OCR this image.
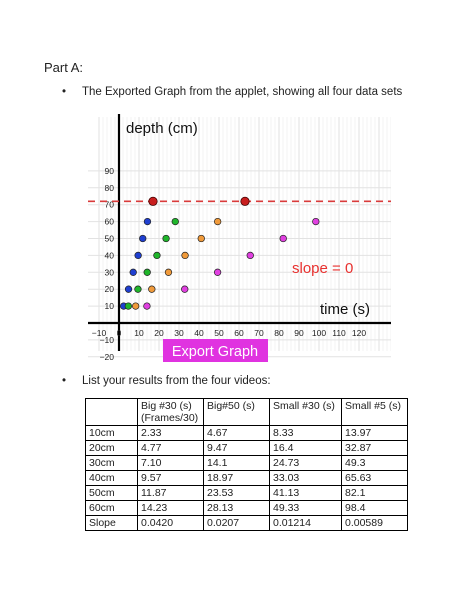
Part A:
• The Exported Graph from the applet, showing all four data sets
−10 0 10 20 30 40 50 60 70 80 90 100 110 120
90
80
70
60
50
40
30
20
10
−10
−20
depth (cm)
time (s)
slope = 0
Export Graph
• List your results from the four videos:
	Big #30 (s) (Frames/30)	Big#50 (s)	Small #30 (s)	Small #5 (s)
10cm	2.33	4.67	8.33	13.97
20cm	4.77	9.47	16.4	32.87
30cm	7.10	14.1	24.73	49.3
40cm	9.57	18.97	33.03	65.63
50cm	11.87	23.53	41.13	82.1
60cm	14.23	28.13	49.33	98.4
Slope	0.0420	0.0207	0.01214	0.00589
